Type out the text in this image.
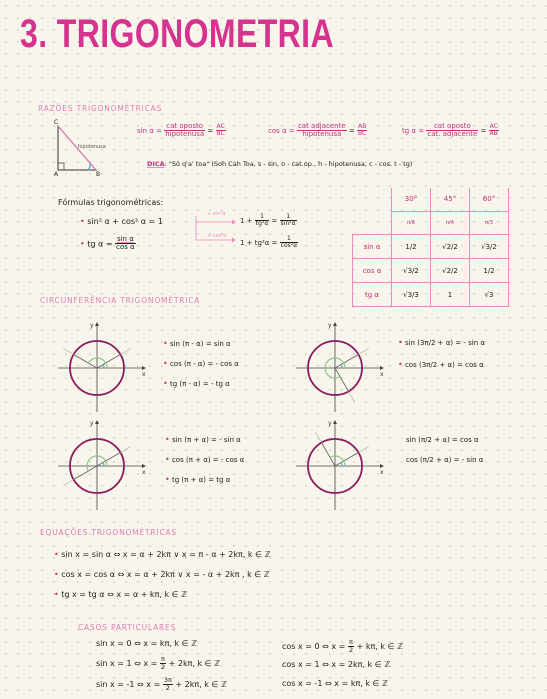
3. TRIGONOMETRIA
RAZÕES TRIGONOMÉTRICAS
C
A	B
hipotenusa
$\sin \alpha = \frac{\text{cat oposto}}{\text{hipotenusa}} = \frac{AC}{BC}$	$\cos \alpha = \frac{\text{cat adjacente}}{\text{hipotenusa}} = \frac{AB}{BC}$	tg $\alpha = \frac{\text{cat oposto}}{\text{cat. adjacente}} = \frac{AC}{AB}$
DICA: "Sô q'a' toa" (Soh Cah Toa, s - sin, o - cat.op., h - hipotenusa, c - cos, t - tg)
Fórmulas trigonométricas:
• sin² α + cos² α = 1
• tg $\alpha = \frac{\text{sin α}}{\text{cos α}}$
÷ sin²α
÷ cos²α
$1 + \frac{1}{\text{tg²α}} = \frac{1}{\text{sin²α}}$
$1 + tg^2\alpha = \frac{1}{\text{cos²α}}$
	30°	45°	60°
	π/6	π/4	π/3
sin α	1/2	√2/2	√3/2
cos α	√3/2	√2/2	1/2
tg α	√3/3	1	√3
CIRCUNFERÊNCIA TRIGONOMÉTRICA
y
x
y
x
y
x
y
x
• sin (π - α) = sin α
• cos (π - α) = - cos α
• tg (π - α) = - tg α
• sin (3π/2 + α) = - sin α
• cos (3π/2 + α) = cos α
• sin (π + α) = - sin α
• cos (π + α) = - cos α
• tg (π + α) = tg α
sin (π/2 + α) = cos α
cos (π/2 + α) = - sin α
EQUAÇÕES TRIGONOMÉTRICAS
• sin x = sin α ⇔ x = α + 2kπ ∨ x = π - α + 2kπ, k ∈ ℤ
• cos x = cos α ⇔ x = α + 2kπ ∨ x = - α + 2kπ , k ∈ ℤ
• tg x = tg α ⇔ x = α + kπ, k ∈ ℤ
CASOS PARTICULARES
sin x = 0 ⇔ x = kπ, k ∈ ℤ
sin x = 1 ⇔ $x = \frac{\pi}{2} + 2k\pi$, k ∈ ℤ
sin x = -1 ⇔ $x = \frac{3\pi}{2} + 2k\pi$, k ∈ ℤ
cos x = 0 ⇔ $x = \frac{\pi}{2} + k\pi$, k ∈ ℤ
cos x = 1 ⇔ x = 2kπ, k ∈ ℤ
cos x = -1 ⇔ x = kπ, k ∈ ℤ
